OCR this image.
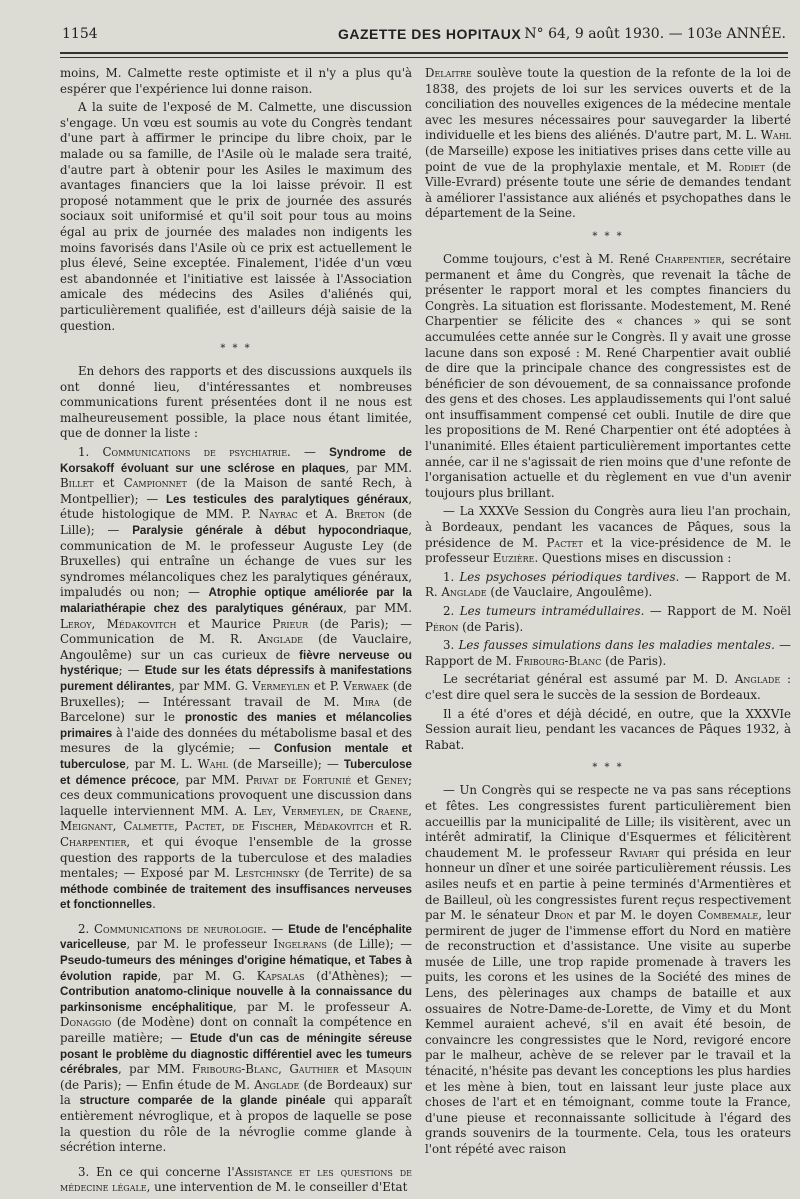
1154	GAZETTE DES HOPITAUX N° 64, 9 août 1930. — 103e ANNÉE.

moins, M. Calmette reste optimiste et il n'y a plus qu'à espérer que l'expérience lui donne raison.

A la suite de l'exposé de M. Calmette, une discussion s'engage. Un vœu est soumis au vote du Congrès tendant d'une part à affirmer le principe du libre choix, par le malade ou sa famille, de l'Asile où le malade sera traité, d'autre part à obtenir pour les Asiles le maximum des avantages financiers que la loi laisse prévoir. Il est proposé notamment que le prix de journée des assurés sociaux soit uniformisé et qu'il soit pour tous au moins égal au prix de journée des malades non indigents les moins favorisés dans l'Asile où ce prix est actuellement le plus élevé, Seine exceptée. Finalement, l'idée d'un vœu est abandonnée et l'initiative est laissée à l'Association amicale des médecins des Asiles d'aliénés qui, particulièrement qualifiée, est d'ailleurs déjà saisie de la question.

* * *

En dehors des rapports et des discussions auxquels ils ont donné lieu, d'intéressantes et nombreuses communications furent présentées dont il ne nous est malheureusement possible, la place nous étant limitée, que de donner la liste :

1. Communications de psychiatrie. — Syndrome de Korsakoff évoluant sur une sclérose en plaques, par MM. Billet et Campionnet (de la Maison de santé Rech, à Montpellier); — Les testicules des paralytiques généraux, étude histologique de MM. P. Nayrac et A. Breton (de Lille); — Paralysie générale à début hypocondriaque, communication de M. le professeur Auguste Ley (de Bruxelles) qui entraîne un échange de vues sur les syndromes mélancoliques chez les paralytiques généraux, impaludés ou non; — Atrophie optique améliorée par la malariathérapie chez des paralytiques généraux, par MM. Leroy, Médakovitch et Maurice Prieur (de Paris); — Communication de M. R. Anglade (de Vauclaire, Angoulême) sur un cas curieux de fièvre nerveuse ou hystérique; — Etude sur les états dépressifs à manifestations purement délirantes, par MM. G. Vermeylen et P. Verwaek (de Bruxelles); — Intéressant travail de M. Mira (de Barcelone) sur le pronostic des manies et mélancolies primaires à l'aide des données du métabolisme basal et des mesures de la glycémie; — Confusion mentale et tuberculose, par M. L. Wahl (de Marseille); — Tuberculose et démence précoce, par MM. Privat de Fortunié et Geney; ces deux communications provoquent une discussion dans laquelle interviennent MM. A. Ley, Vermeylen, de Craene, Meignant, Calmette, Pactet, de Fischer, Médakovitch et R. Charpentier, et qui évoque l'ensemble de la grosse question des rapports de la tuberculose et des maladies mentales; — Exposé par M. Lestchinsky (de Territe) de sa méthode combinée de traitement des insuffisances nerveuses et fonctionnelles.

2. Communications de neurologie. — Etude de l'encéphalite varicelleuse, par M. le professeur Ingelrans (de Lille); — Pseudo-tumeurs des méninges d'origine hématique, et Tabes à évolution rapide, par M. G. Kapsalas (d'Athènes); — Contribution anatomo-clinique nouvelle à la connaissance du parkinsonisme encéphalitique, par M. le professeur A. Donaggio (de Modène) dont on connaît la compétence en pareille matière; — Etude d'un cas de méningite séreuse posant le problème du diagnostic différentiel avec les tumeurs cérébrales, par MM. Fribourg-Blanc, Gauthier et Masquin (de Paris); — Enfin étude de M. Anglade (de Bordeaux) sur la structure comparée de la glande pinéale qui apparaît entièrement névroglique, et à propos de laquelle se pose la question du rôle de la névroglie comme glande à sécrétion interne.

3. En ce qui concerne l'Assistance et les questions de médecine légale, une intervention de M. le conseiller d'Etat

Delaitre soulève toute la question de la refonte de la loi de 1838, des projets de loi sur les services ouverts et de la conciliation des nouvelles exigences de la médecine mentale avec les mesures nécessaires pour sauvegarder la liberté individuelle et les biens des aliénés. D'autre part, M. L. Wahl (de Marseille) expose les initiatives prises dans cette ville au point de vue de la prophylaxie mentale, et M. Rodiet (de Ville-Evrard) présente toute une série de demandes tendant à améliorer l'assistance aux aliénés et psychopathes dans le département de la Seine.

* * *

Comme toujours, c'est à M. René Charpentier, secrétaire permanent et âme du Congrès, que revenait la tâche de présenter le rapport moral et les comptes financiers du Congrès. La situation est florissante. Modestement, M. René Charpentier se félicite des « chances » qui se sont accumulées cette année sur le Congrès. Il y avait une grosse lacune dans son exposé : M. René Charpentier avait oublié de dire que la principale chance des congressistes est de bénéficier de son dévouement, de sa connaissance profonde des gens et des choses. Les applaudissements qui l'ont salué ont insuffisamment compensé cet oubli. Inutile de dire que les propositions de M. René Charpentier ont été adoptées à l'unanimité. Elles étaient particulièrement importantes cette année, car il ne s'agissait de rien moins que d'une refonte de l'organisation actuelle et du règlement en vue d'un avenir toujours plus brillant.

— La XXXVe Session du Congrès aura lieu l'an prochain, à Bordeaux, pendant les vacances de Pâques, sous la présidence de M. Pactet et la vice-présidence de M. le professeur Euzière. Questions mises en discussion :

1. Les psychoses périodiques tardives. — Rapport de M. R. Anglade (de Vauclaire, Angoulême).

2. Les tumeurs intramédullaires. — Rapport de M. Noël Péron (de Paris).

3. Les fausses simulations dans les maladies mentales. — Rapport de M. Fribourg-Blanc (de Paris).

Le secrétariat général est assumé par M. D. Anglade : c'est dire quel sera le succès de la session de Bordeaux.

Il a été d'ores et déjà décidé, en outre, que la XXXVIe Session aurait lieu, pendant les vacances de Pâques 1932, à Rabat.

* * *

— Un Congrès qui se respecte ne va pas sans réceptions et fêtes. Les congressistes furent particulièrement bien accueillis par la municipalité de Lille; ils visitèrent, avec un intérêt admiratif, la Clinique d'Esquermes et félicitèrent chaudement M. le professeur Raviart qui présida en leur honneur un dîner et une soirée particulièrement réussis. Les asiles neufs et en partie à peine terminés d'Armentières et de Bailleul, où les congressistes furent reçus respectivement par M. le sénateur Dron et par M. le doyen Combemale, leur permirent de juger de l'immense effort du Nord en matière de reconstruction et d'assistance. Une visite au superbe musée de Lille, une trop rapide promenade à travers les puits, les corons et les usines de la Société des mines de Lens, des pèlerinages aux champs de bataille et aux ossuaires de Notre-Dame-de-Lorette, de Vimy et du Mont Kemmel auraient achevé, s'il en avait été besoin, de convaincre les congressistes que le Nord, revigoré encore par le malheur, achève de se relever par le travail et la ténacité, n'hésite pas devant les conceptions les plus hardies et les mène à bien, tout en laissant leur juste place aux choses de l'art et en témoignant, comme toute la France, d'une pieuse et reconnaissante sollicitude à l'égard des grands souvenirs de la tourmente. Cela, tous les orateurs l'ont répété avec raison
